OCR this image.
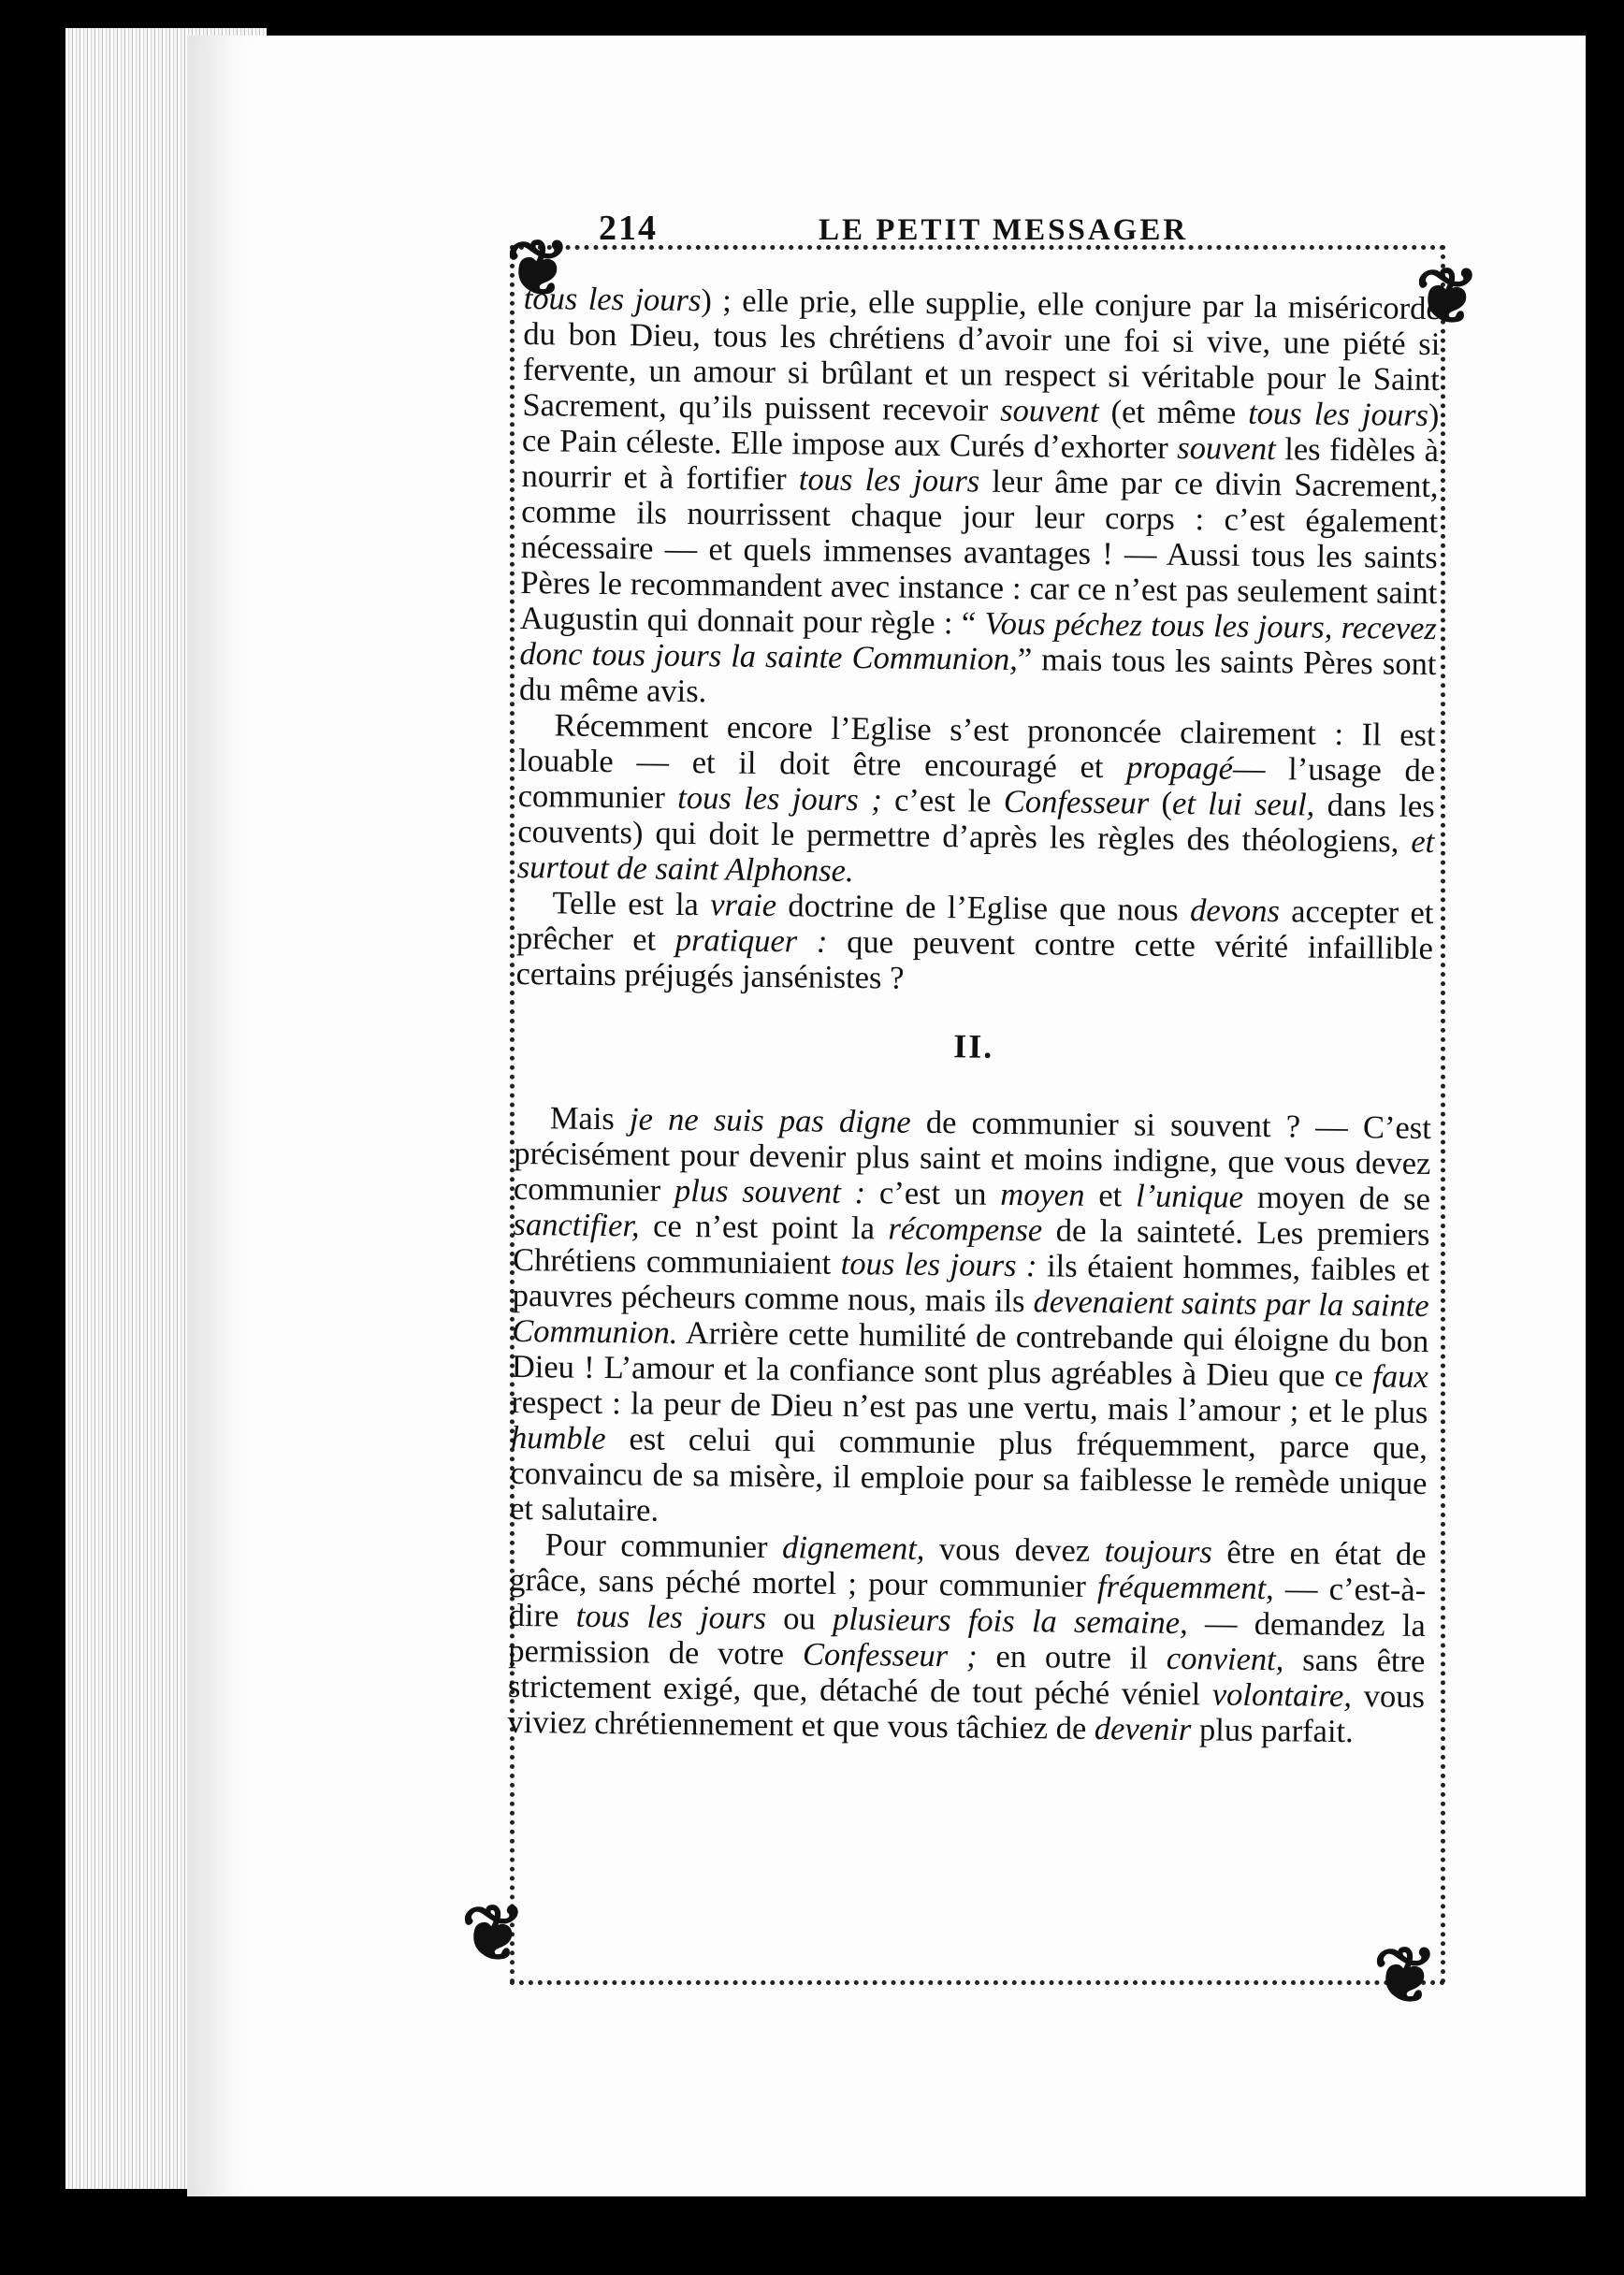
214	LE PETIT MESSAGER
❦	❦
❦	❦

tous les jours) ; elle prie, elle supplie, elle conjure par la miséricorde du bon Dieu, tous les chrétiens d’avoir une foi si vive, une piété si fervente, un amour si brûlant et un respect si véritable pour le Saint Sacrement, qu’ils puissent recevoir souvent (et même tous les jours) ce Pain céleste. Elle impose aux Curés d’exhorter souvent les fidèles à nourrir et à fortifier tous les jours leur âme par ce divin Sacrement, comme ils nourrissent chaque jour leur corps : c’est également nécessaire — et quels immenses avantages ! — Aussi tous les saints Pères le recommandent avec instance : car ce n’est pas seulement saint Augustin qui donnait pour règle : “ Vous péchez tous les jours, recevez donc tous jours la sainte Communion,” mais tous les saints Pères sont du même avis.

Récemment encore l’Eglise s’est prononcée clairement : Il est louable — et il doit être encouragé et propagé— l’usage de communier tous les jours ; c’est le Confesseur (et lui seul, dans les couvents) qui doit le permettre d’après les règles des théologiens, et surtout de saint Alphonse.

Telle est la vraie doctrine de l’Eglise que nous devons accepter et prêcher et pratiquer : que peuvent contre cette vérité infaillible certains préjugés jansénistes ?

II.

Mais je ne suis pas digne de communier si souvent ? — C’est précisément pour devenir plus saint et moins indigne, que vous devez communier plus souvent : c’est un moyen et l’unique moyen de se sanctifier, ce n’est point la récompense de la sainteté. Les premiers Chrétiens communiaient tous les jours : ils étaient hommes, faibles et pauvres pécheurs comme nous, mais ils devenaient saints par la sainte Communion. Arrière cette humilité de contrebande qui éloigne du bon Dieu ! L’amour et la confiance sont plus agréables à Dieu que ce faux respect : la peur de Dieu n’est pas une vertu, mais l’amour ; et le plus humble est celui qui communie plus fréquemment, parce que, convaincu de sa misère, il emploie pour sa faiblesse le remède unique et salutaire.

Pour communier dignement, vous devez toujours être en état de grâce, sans péché mortel ; pour communier fréquemment, — c’est-à-dire tous les jours ou plusieurs fois la semaine, — demandez la permission de votre Confesseur ; en outre il convient, sans être strictement exigé, que, détaché de tout péché véniel volontaire, vous viviez chrétiennement et que vous tâchiez de devenir plus parfait.
